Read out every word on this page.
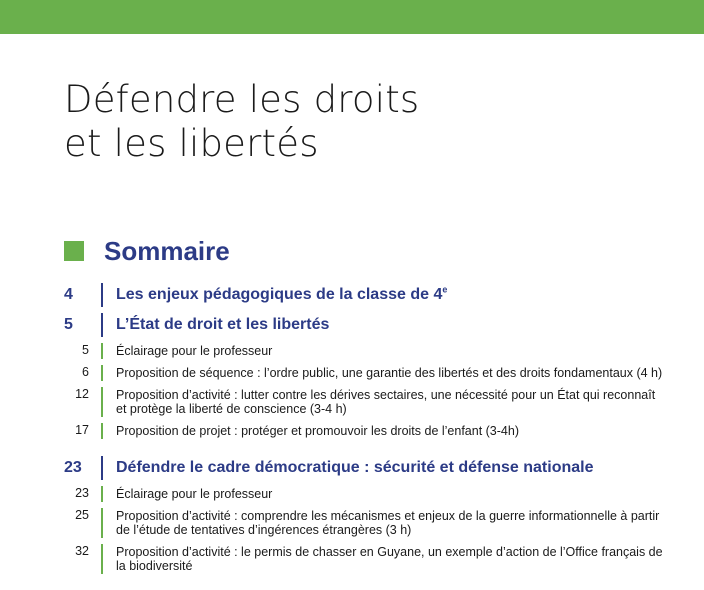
Défendre les droits
et les libertés
Sommaire
4	Les enjeux pédagogiques de la classe de 4e
5	L’État de droit et les libertés
5 Éclairage pour le professeur
6 Proposition de séquence : l’ordre public, une garantie des libertés et des droits fondamentaux (4 h)
12 Proposition d’activité : lutter contre les dérives sectaires, une nécessité pour un État qui reconnaît et protège la liberté de conscience (3-4 h)
17 Proposition de projet : protéger et promouvoir les droits de l’enfant (3-4h)
23	Défendre le cadre démocratique : sécurité et défense nationale
23 Éclairage pour le professeur
25 Proposition d’activité : comprendre les mécanismes et enjeux de la guerre informationnelle à partir de l’étude de tentatives d’ingérences étrangères (3 h)
32 Proposition d’activité : le permis de chasser en Guyane, un exemple d’action de l’Office français de la biodiversité
